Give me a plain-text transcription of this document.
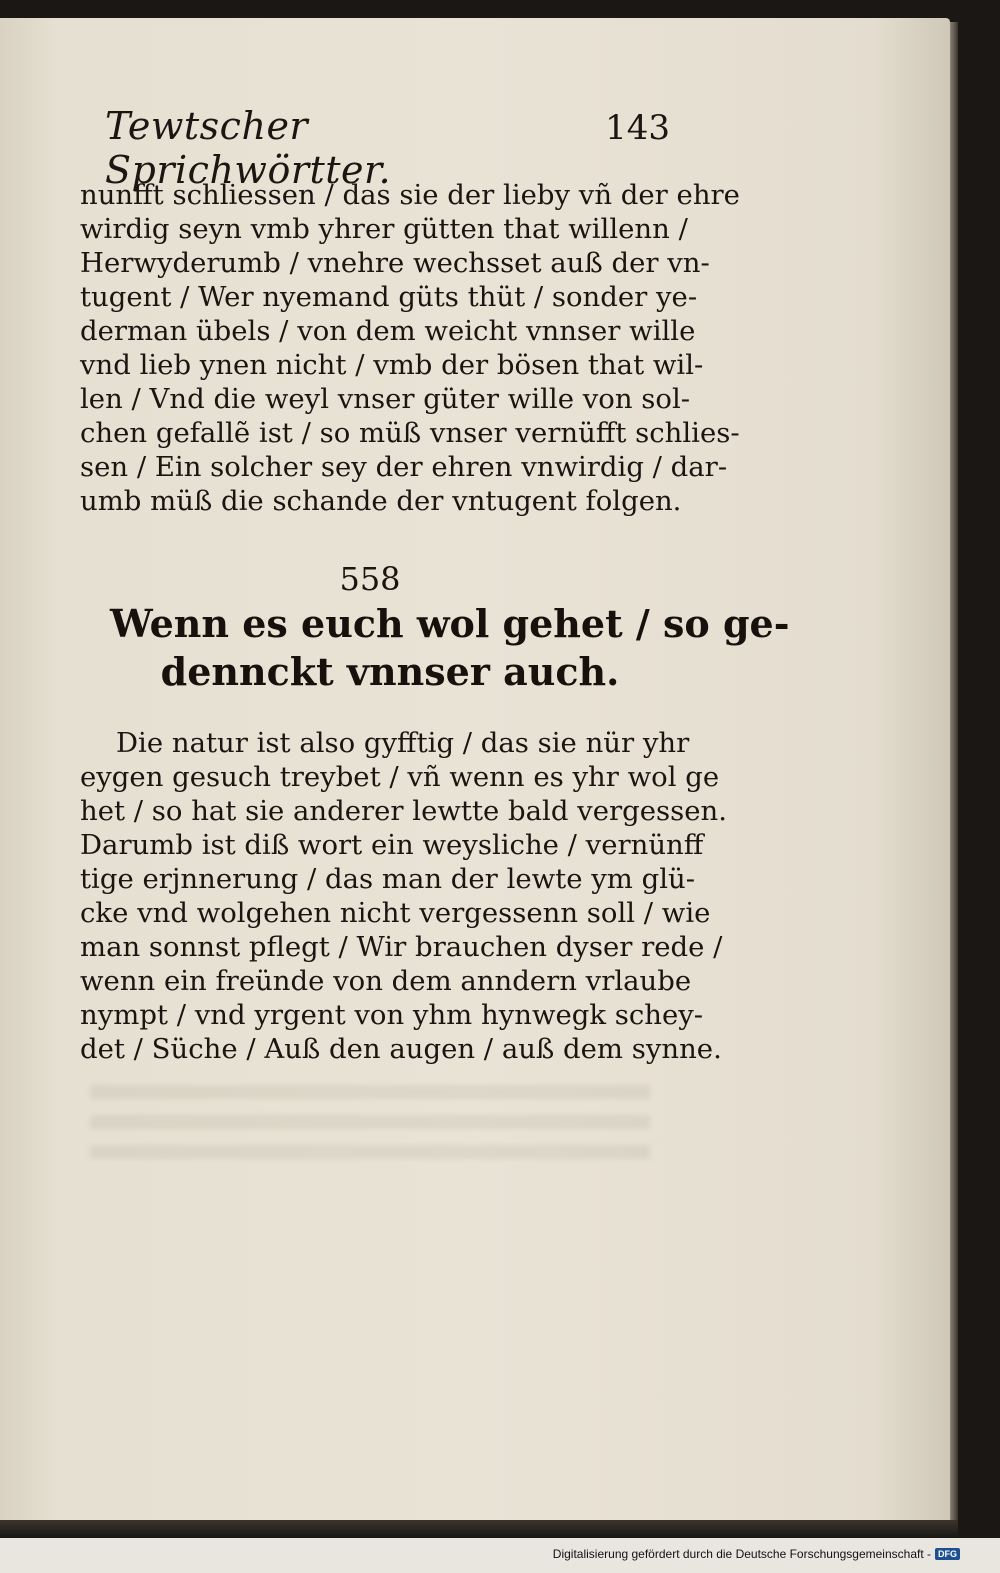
Tewtscher Sprichwörtter.
143
nunfft schliessen / das sie der lieby vñ der ehre
wirdig seyn vmb yhrer gütten that willenn /
Herwyderumb / vnehre wechsset auß der vn-
tugent / Wer nyemand güts thüt / sonder ye-
derman übels / von dem weicht vnnser wille
vnd lieb ynen nicht / vmb der bösen that wil-
len / Vnd die weyl vnser güter wille von sol-
chen gefallẽ ist / so müß vnser vernüfft schlies-
sen / Ein solcher sey der ehren vnwirdig / dar-
umb müß die schande der vntugent folgen.
558
Wenn es euch wol gehet / so ge-
dennckt vnnser auch.
Die natur ist also gyfftig / das sie nür yhr
eygen gesuch treybet / vñ wenn es yhr wol ge
het / so hat sie anderer lewtte bald vergessen.
Darumb ist diß wort ein weysliche / vernünff
tige erjnnerung / das man der lewte ym glü-
cke vnd wolgehen nicht vergessenn soll / wie
man sonnst pflegt / Wir brauchen dyser rede /
wenn ein freünde von dem anndern vrlaube
nympt / vnd yrgent von yhm hynwegk schey-
det / Süche / Auß den augen / auß dem synne.
Digitalisierung gefördert durch die Deutsche Forschungsgemeinschaft - DFG
